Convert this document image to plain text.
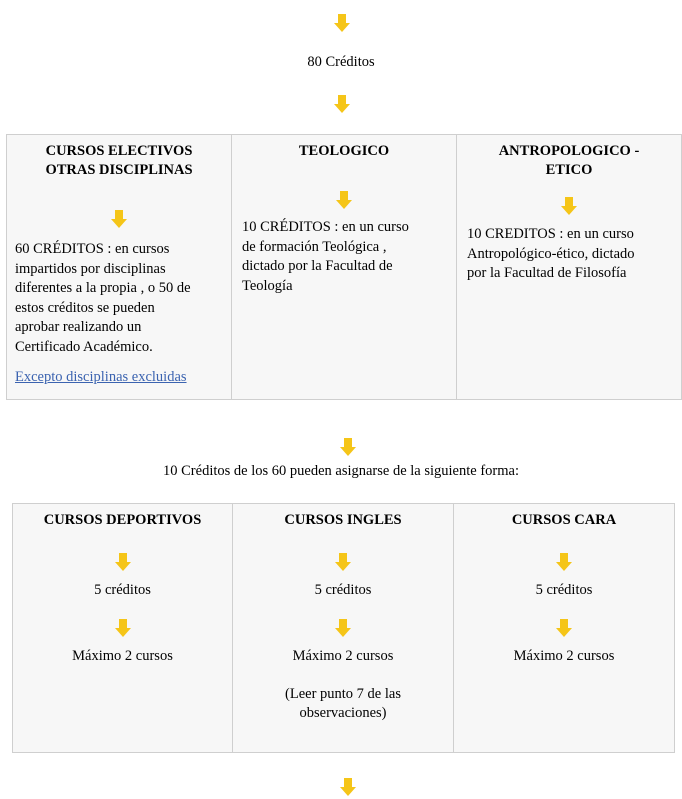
80 Créditos
CURSOS ELECTIVOS
OTRAS DISCIPLINAS
60 CRÉDITOS : en cursos
impartidos por disciplinas
diferentes a la propia , o 50 de
estos créditos se pueden
aprobar realizando un
Certificado Académico.
Excepto disciplinas excluidas

TEOLOGICO
10 CRÉDITOS : en un curso
de formación Teológica ,
dictado por la Facultad de
Teología

ANTROPOLOGICO -
ETICO
10 CREDITOS : en un curso
Antropológico-ético, dictado
por la Facultad de Filosofía
10 Créditos de los 60 pueden asignarse de la siguiente forma:
CURSOS DEPORTIVOS
5 créditos
Máximo 2 cursos

CURSOS INGLES
5 créditos
Máximo 2 cursos
(Leer punto 7 de las
observaciones)

CURSOS CARA
5 créditos
Máximo 2 cursos
